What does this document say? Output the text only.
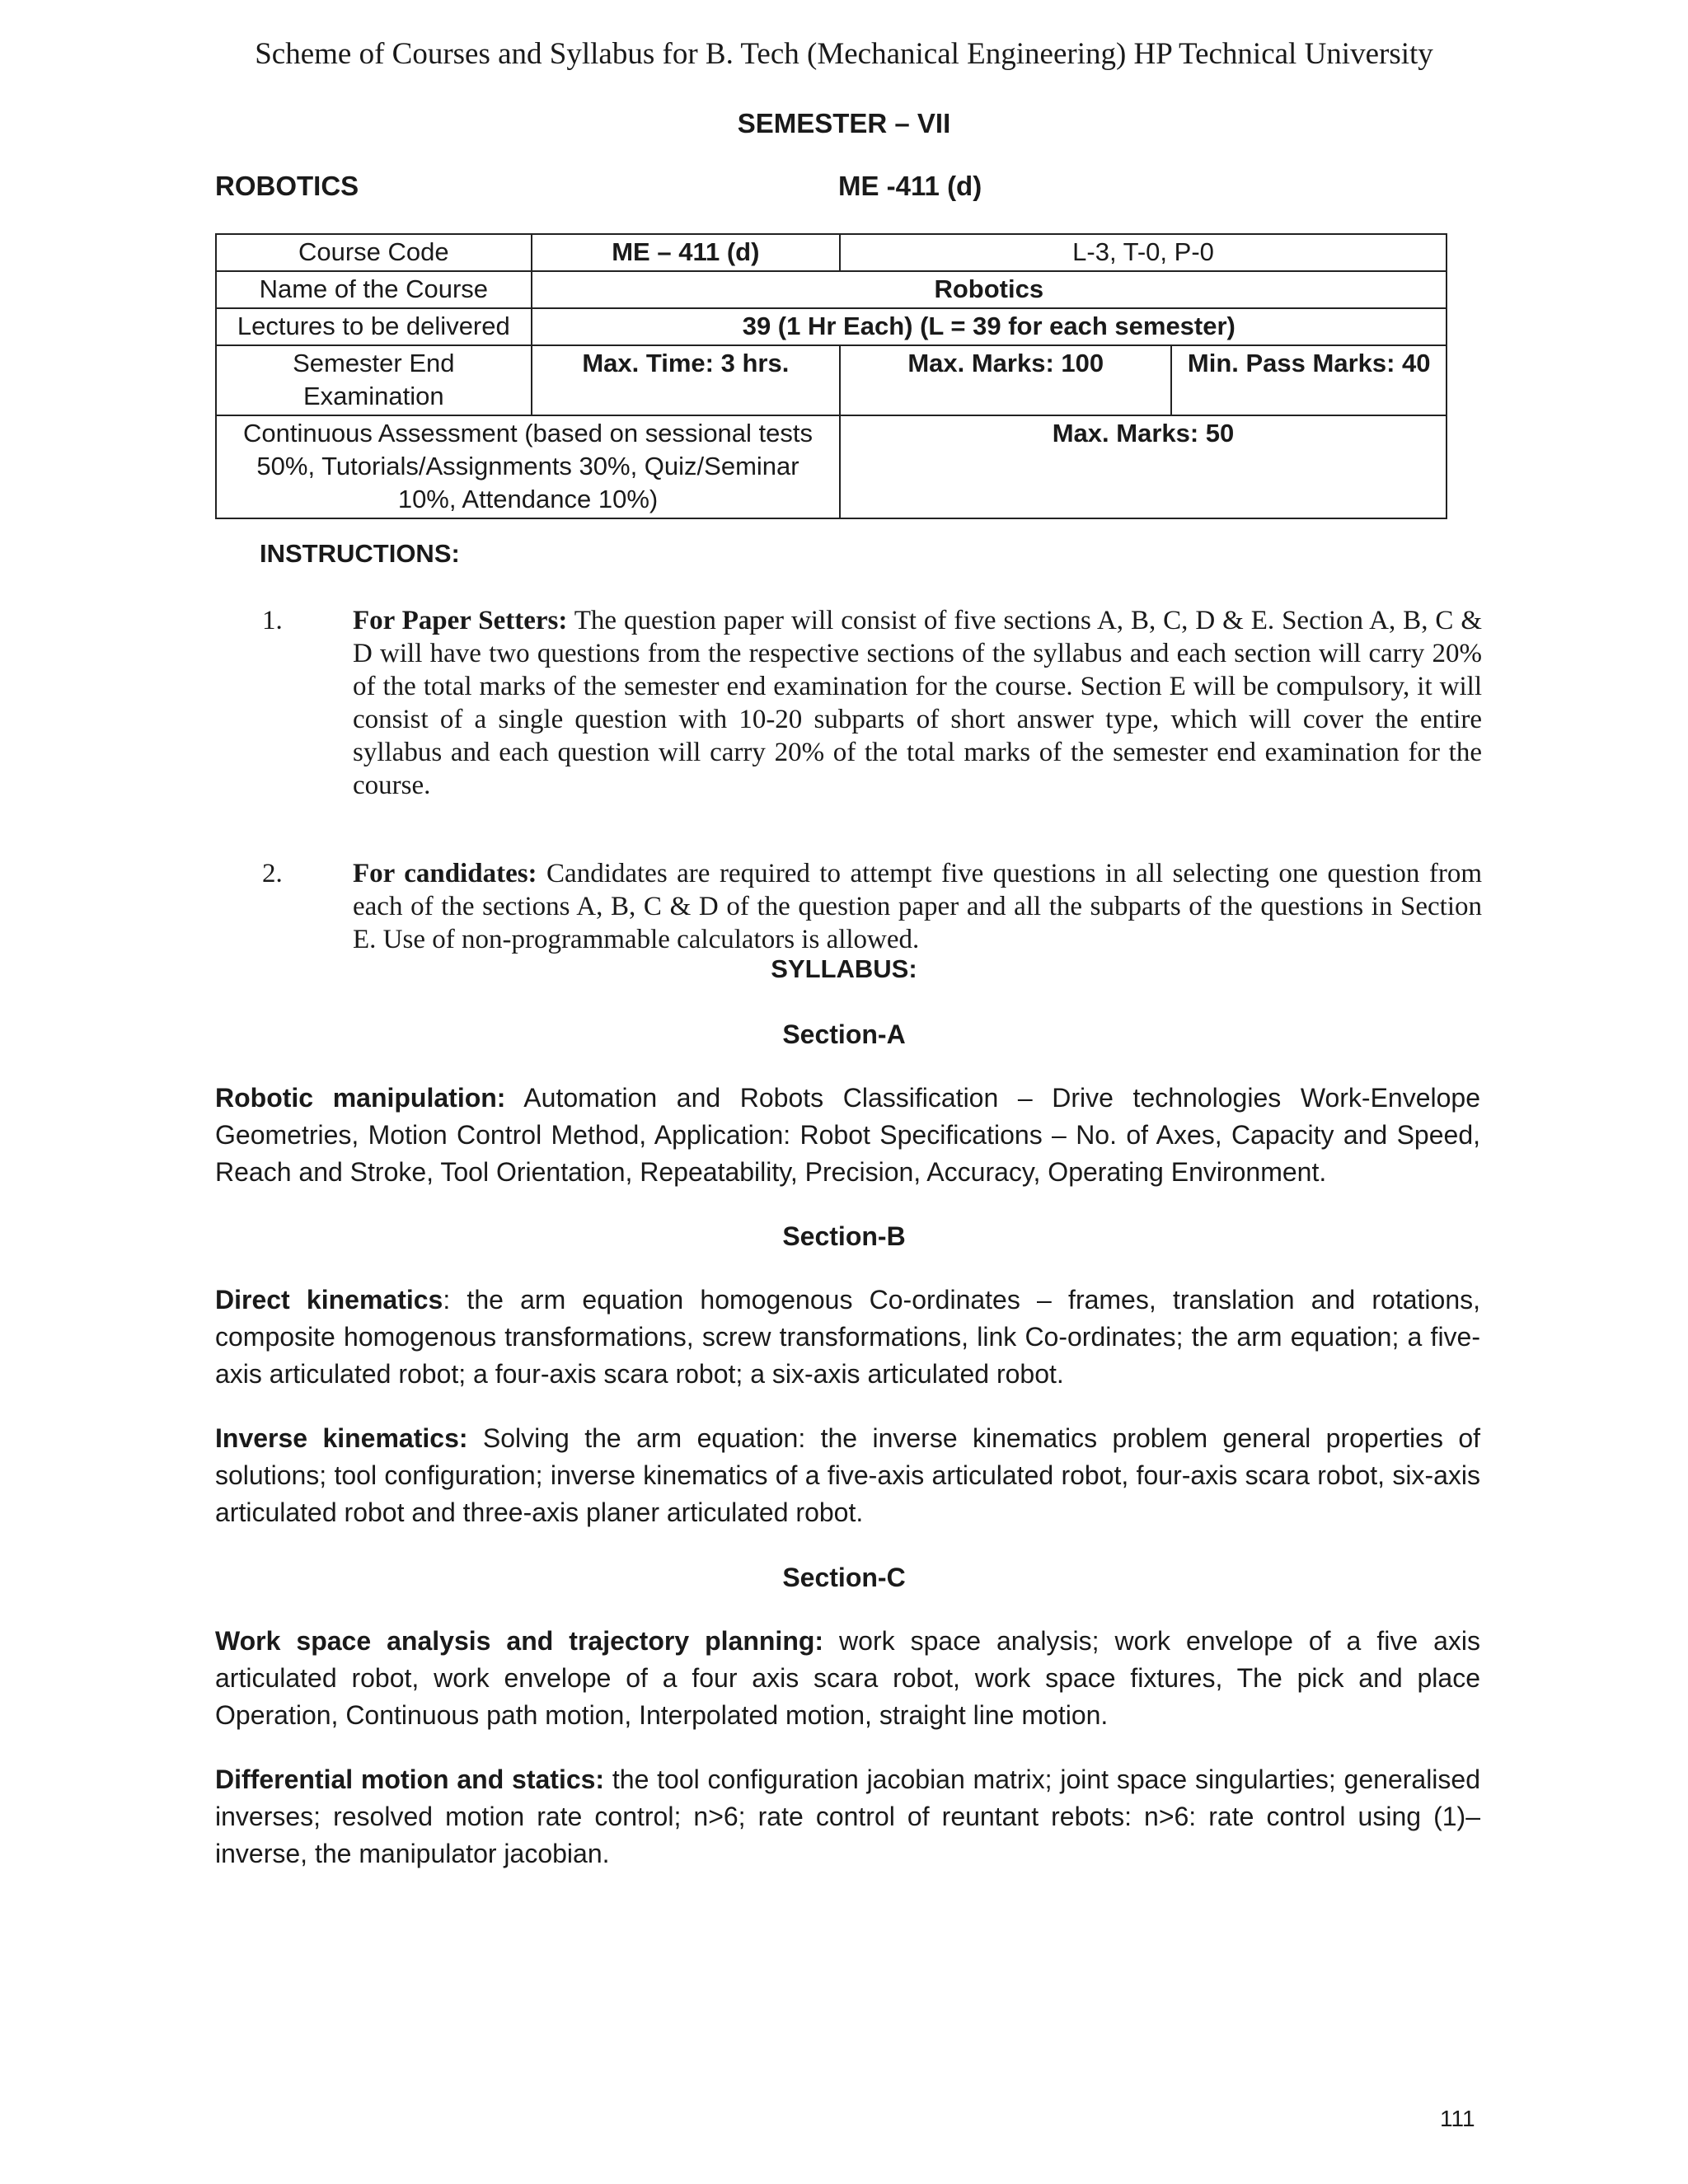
Scheme of Courses and Syllabus for B. Tech (Mechanical Engineering) HP Technical University
SEMESTER – VII
ROBOTICS	ME -411 (d)
Course Code	ME – 411 (d)	L-3, T-0, P-0	
Name of the Course	Robotics		
Lectures to be delivered	39 (1 Hr Each) (L = 39 for each semester)		
Semester End Examination	Max. Time: 3 hrs.	Max. Marks: 100	Min. Pass Marks: 40
Continuous Assessment (based on sessional tests 50%, Tutorials/Assignments 30%, Quiz/Seminar 10%, Attendance 10%)		Max. Marks: 50	
INSTRUCTIONS:
1.	For Paper Setters: The question paper will consist of five sections A, B, C, D & E. Section A, B, C & D will have two questions from the respective sections of the syllabus and each section will carry 20% of the total marks of the semester end examination for the course. Section E will be compulsory, it will consist of a single question with 10-20 subparts of short answer type, which will cover the entire syllabus and each question will carry 20% of the total marks of the semester end examination for the course.
2.	For candidates: Candidates are required to attempt five questions in all selecting one question from each of the sections A, B, C & D of the question paper and all the subparts of the questions in Section E. Use of non-programmable calculators is allowed.
SYLLABUS:
Section-A
Robotic manipulation: Automation and Robots Classification – Drive technologies Work-Envelope Geometries, Motion Control Method, Application: Robot Specifications – No. of Axes, Capacity and Speed, Reach and Stroke, Tool Orientation, Repeatability, Precision, Accuracy, Operating Environment.
Section-B
Direct kinematics: the arm equation homogenous Co-ordinates – frames, translation and rotations, composite homogenous transformations, screw transformations, link Co-ordinates; the arm equation; a five-axis articulated robot; a four-axis scara robot; a six-axis articulated robot.
Inverse kinematics: Solving the arm equation: the inverse kinematics problem general properties of solutions; tool configuration; inverse kinematics of a five-axis articulated robot, four-axis scara robot, six-axis articulated robot and three-axis planer articulated robot.
Section-C
Work space analysis and trajectory planning: work space analysis; work envelope of a five axis articulated robot, work envelope of a four axis scara robot, work space fixtures, The pick and place Operation, Continuous path motion, Interpolated motion, straight line motion.
Differential motion and statics: the tool configuration jacobian matrix; joint space singularties; generalised inverses; resolved motion rate control; n>6; rate control of reuntant rebots: n>6: rate control using (1)–inverse, the manipulator jacobian.
111
